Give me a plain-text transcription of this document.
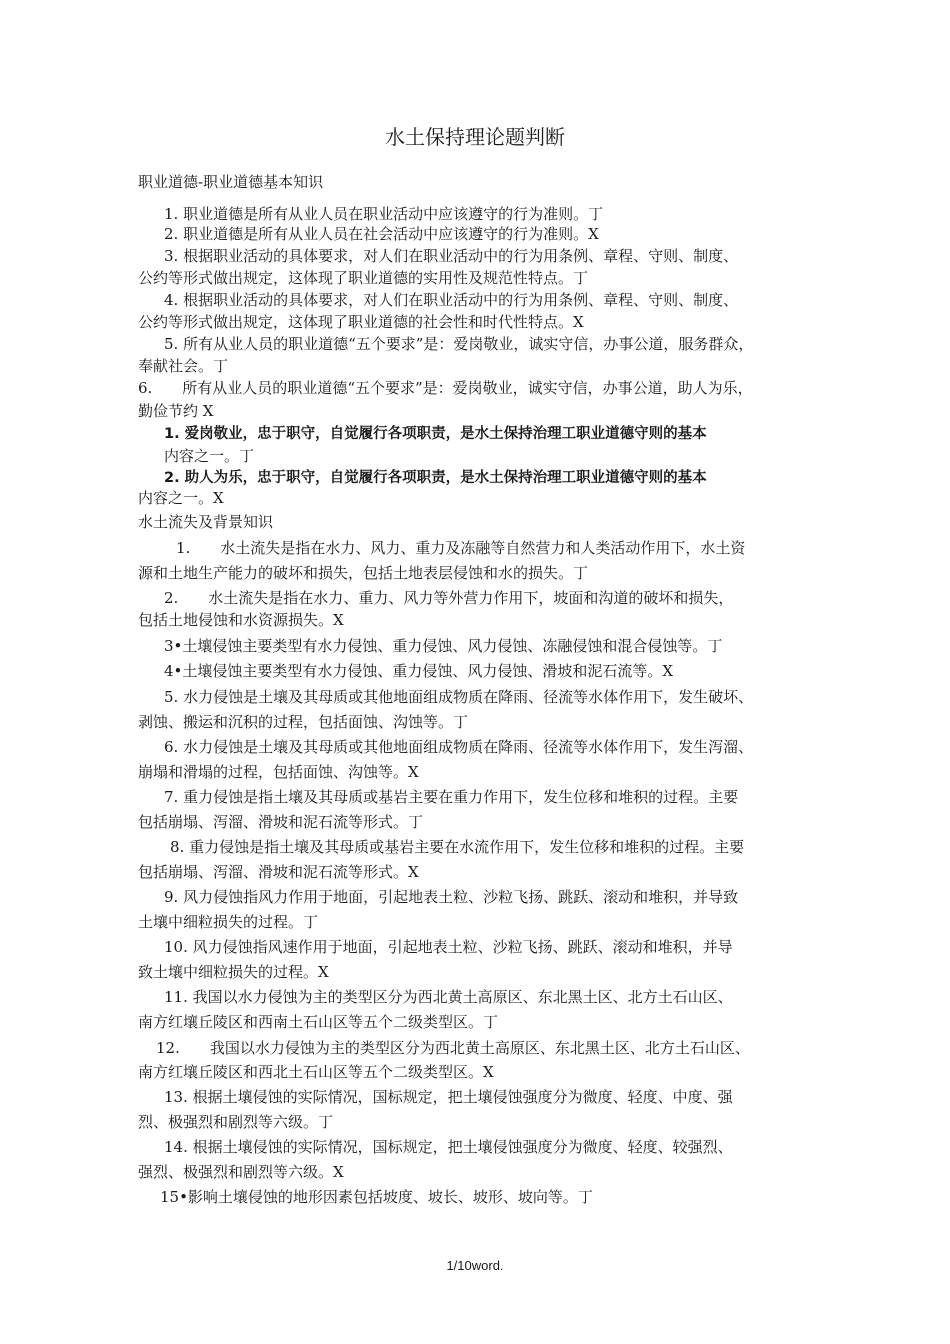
水土保持理论题判断
职业道德-职业道德基本知识
1. 职业道德是所有从业人员在职业活动中应该遵守的行为准则。丁
2. 职业道德是所有从业人员在社会活动中应该遵守的行为准则。X
3. 根据职业活动的具体要求，对人们在职业活动中的行为用条例、章程、守则、制度、
公约等形式做出规定，这体现了职业道德的实用性及规范性特点。丁
4. 根据职业活动的具体要求，对人们在职业活动中的行为用条例、章程、守则、制度、
公约等形式做出规定，这体现了职业道德的社会性和时代性特点。X
5. 所有从业人员的职业道德“五个要求”是：爱岗敬业，诚实守信，办事公道，服务群众，
奉献社会。丁
6.　　所有从业人员的职业道德“五个要求”是：爱岗敬业，诚实守信，办事公道，助人为乐，
勤俭节约 X
1. 爱岗敬业，忠于职守，自觉履行各项职责，是水土保持治理工职业道德守则的基本
内容之一。丁
2. 助人为乐，忠于职守，自觉履行各项职责，是水土保持治理工职业道德守则的基本
内容之一。X
水土流失及背景知识
1.　　水土流失是指在水力、风力、重力及冻融等自然营力和人类活动作用下，水土资
源和土地生产能力的破坏和损失，包括土地表层侵蚀和水的损失。丁
2.　　水土流失是指在水力、重力、风力等外营力作用下，坡面和沟道的破坏和损失，
包括土地侵蚀和水资源损失。X
3•土壤侵蚀主要类型有水力侵蚀、重力侵蚀、风力侵蚀、冻融侵蚀和混合侵蚀等。丁
4•土壤侵蚀主要类型有水力侵蚀、重力侵蚀、风力侵蚀、滑坡和泥石流等。X
5. 水力侵蚀是土壤及其母质或其他地面组成物质在降雨、径流等水体作用下，发生破坏、
剥蚀、搬运和沉积的过程，包括面蚀、沟蚀等。丁
6. 水力侵蚀是土壤及其母质或其他地面组成物质在降雨、径流等水体作用下，发生泻溜、
崩塌和滑塌的过程，包括面蚀、沟蚀等。X
7. 重力侵蚀是指土壤及其母质或基岩主要在重力作用下，发生位移和堆积的过程。主要
包括崩塌、泻溜、滑坡和泥石流等形式。丁
8. 重力侵蚀是指土壤及其母质或基岩主要在水流作用下，发生位移和堆积的过程。主要
包括崩塌、泻溜、滑坡和泥石流等形式。X
9. 风力侵蚀指风力作用于地面，引起地表土粒、沙粒飞扬、跳跃、滚动和堆积，并导致
土壤中细粒损失的过程。丁
10. 风力侵蚀指风速作用于地面，引起地表土粒、沙粒飞扬、跳跃、滚动和堆积，并导
致土壤中细粒损失的过程。X
11. 我国以水力侵蚀为主的类型区分为西北黄土高原区、东北黑土区、北方土石山区、
南方红壤丘陵区和西南土石山区等五个二级类型区。丁
12.　　我国以水力侵蚀为主的类型区分为西北黄土高原区、东北黑土区、北方土石山区、
南方红壤丘陵区和西北土石山区等五个二级类型区。X
13. 根据土壤侵蚀的实际情况，国标规定，把土壤侵蚀强度分为微度、轻度、中度、强
烈、极强烈和剧烈等六级。丁
14. 根据土壤侵蚀的实际情况，国标规定，把土壤侵蚀强度分为微度、轻度、较强烈、
强烈、极强烈和剧烈等六级。X
15•影响土壤侵蚀的地形因素包括坡度、坡长、坡形、坡向等。丁
1/10word.
